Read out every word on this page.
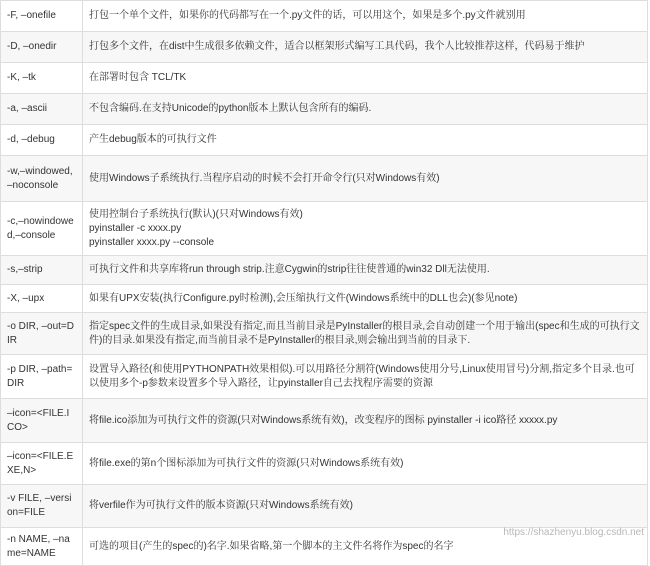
-F, –onefile	打包一个单个文件，如果你的代码都写在一个.py文件的话，可以用这个，如果是多个.py文件就别用

-D, –onedir	打包多个文件，在dist中生成很多依赖文件，适合以框架形式编写工具代码，我个人比较推荐这样，代码易于维护

-K, –tk	在部署时包含 TCL/TK

-a, –ascii	不包含编码.在支持Unicode的python版本上默认包含所有的编码.

-d, –debug	产生debug版本的可执行文件

-w,–windowed,–noconsole	使用Windows子系统执行.当程序启动的时候不会打开命令行(只对Windows有效)

-c,–nowindowed,–console	使用控制台子系统执行(默认)(只对Windows有效)
pyinstaller -c xxxx.py
pyinstaller xxxx.py --console

-s,–strip	可执行文件和共享库将run through strip.注意Cygwin的strip往往使普通的win32 Dll无法使用.

-X, –upx	如果有UPX安装(执行Configure.py时检测),会压缩执行文件(Windows系统中的DLL也会)(参见note)

-o DIR, –out=DIR	指定spec文件的生成目录,如果没有指定,而且当前目录是PyInstaller的根目录,会自动创建一个用于输出(spec和生成的可执行文件)的目录.如果没有指定,而当前目录不是PyInstaller的根目录,则会输出到当前的目录下.

-p DIR, –path=DIR	设置导入路径(和使用PYTHONPATH效果相似).可以用路径分割符(Windows使用分号,Linux使用冒号)分割,指定多个目录.也可以使用多个-p参数来设置多个导入路径，让pyinstaller自己去找程序需要的资源

–icon=<FILE.ICO>	将file.ico添加为可执行文件的资源(只对Windows系统有效)，改变程序的图标 pyinstaller -i ico路径 xxxxx.py

–icon=<FILE.EXE,N>	将file.exe的第n个图标添加为可执行文件的资源(只对Windows系统有效)

-v FILE, –version=FILE	将verfile作为可执行文件的版本资源(只对Windows系统有效)

-n NAME, –name=NAME	可选的项目(产生的spec的)名字.如果省略,第一个脚本的主文件名将作为spec的名字
https://shazhenyu.blog.csdn.net
